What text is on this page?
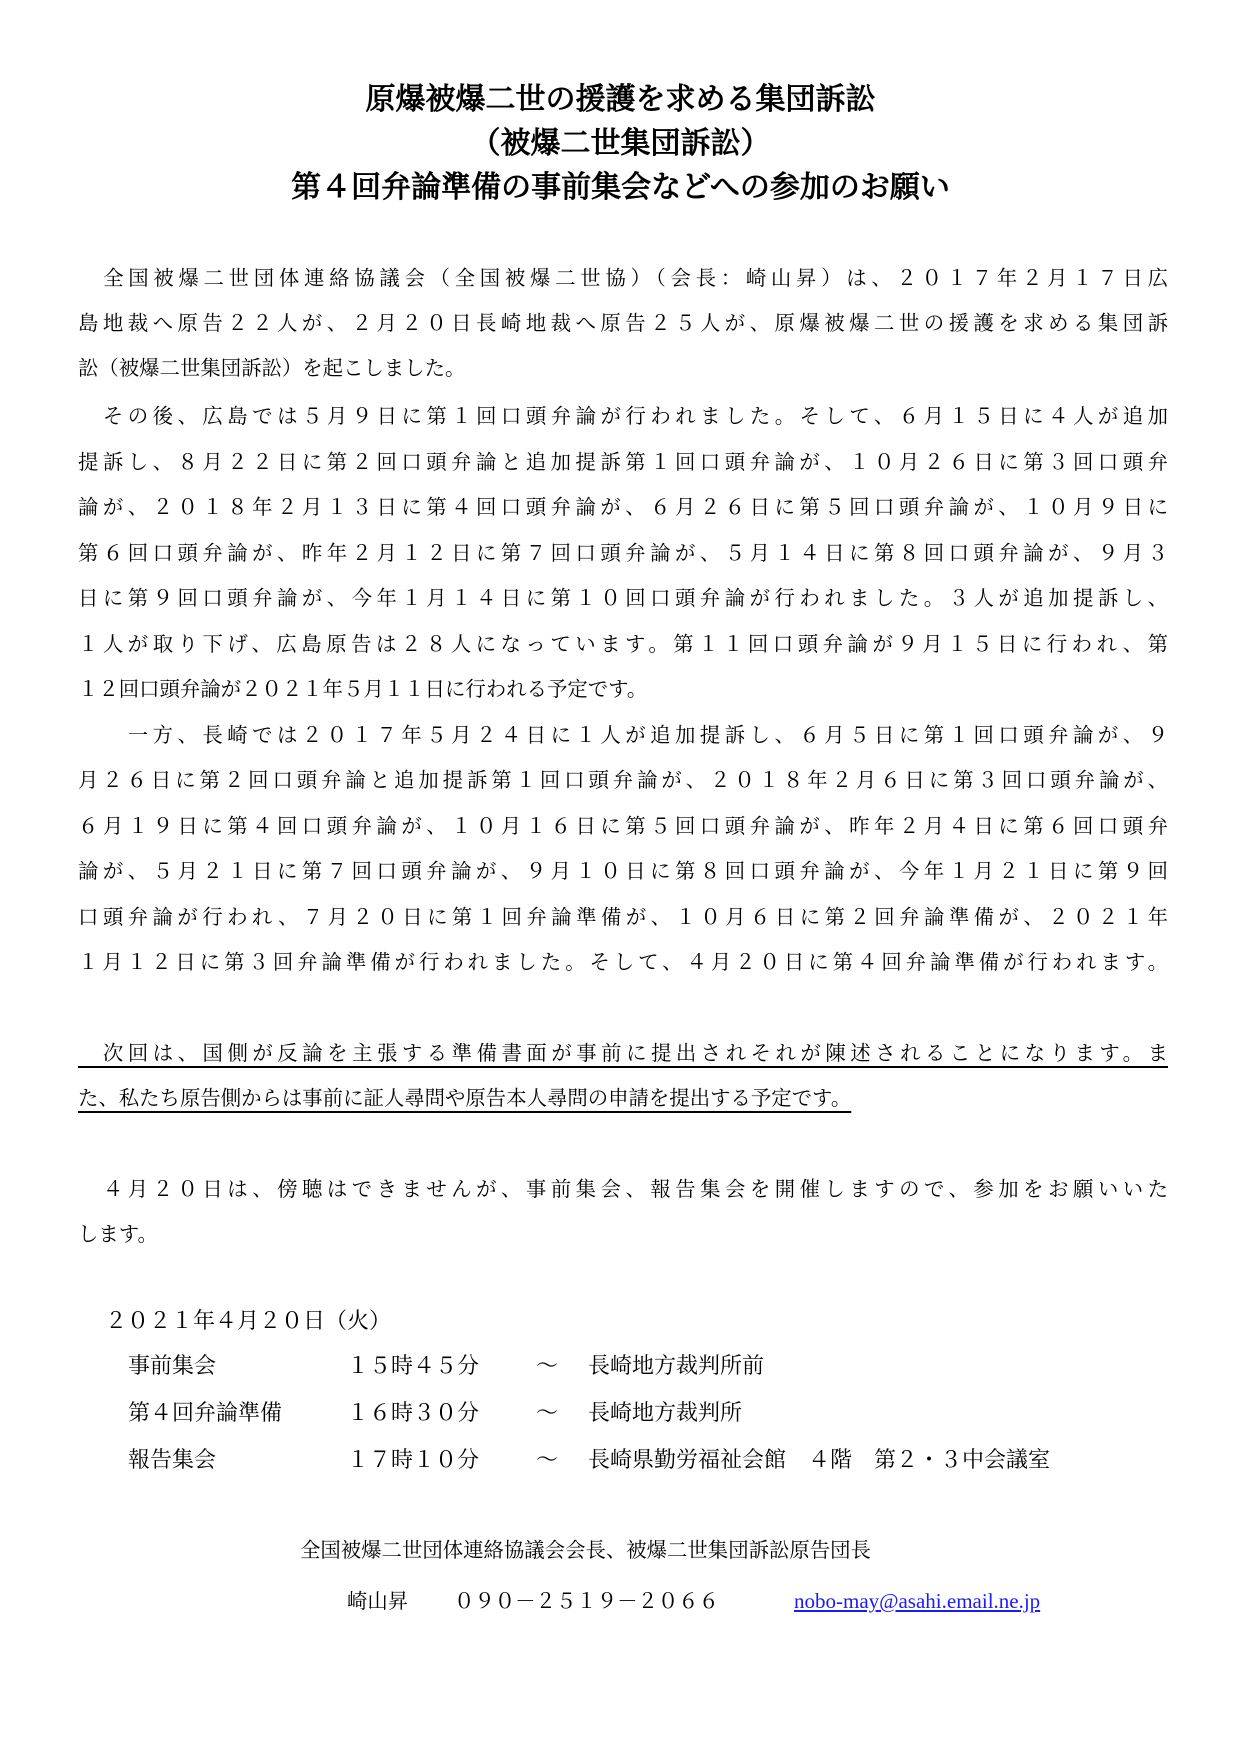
原爆被爆二世の援護を求める集団訴訟
（被爆二世集団訴訟）
第４回弁論準備の事前集会などへの参加のお願い
　全国被爆二世団体連絡協議会（全国被爆二世協）（会長：崎山昇）は、２０１７年２月１７日広
島地裁へ原告２２人が、２月２０日長崎地裁へ原告２５人が、原爆被爆二世の援護を求める集団訴
訟（被爆二世集団訴訟）を起こしました。
　その後、広島では５月９日に第１回口頭弁論が行われました。そして、６月１５日に４人が追加
提訴し、８月２２日に第２回口頭弁論と追加提訴第１回口頭弁論が、１０月２６日に第３回口頭弁
論が、２０１８年２月１３日に第４回口頭弁論が、６月２６日に第５回口頭弁論が、１０月９日に
第６回口頭弁論が、昨年２月１２日に第７回口頭弁論が、５月１４日に第８回口頭弁論が、９月３
日に第９回口頭弁論が、今年１月１４日に第１０回口頭弁論が行われました。３人が追加提訴し、
１人が取り下げ、広島原告は２８人になっています。第１１回口頭弁論が９月１５日に行われ、第
１２回口頭弁論が２０２１年５月１１日に行われる予定です。
　　一方、長崎では２０１７年５月２４日に１人が追加提訴し、６月５日に第１回口頭弁論が、９
月２６日に第２回口頭弁論と追加提訴第１回口頭弁論が、２０１８年２月６日に第３回口頭弁論が、
６月１９日に第４回口頭弁論が、１０月１６日に第５回口頭弁論が、昨年２月４日に第６回口頭弁
論が、５月２１日に第７回口頭弁論が、９月１０日に第８回口頭弁論が、今年１月２１日に第９回
口頭弁論が行われ、７月２０日に第１回弁論準備が、１０月６日に第２回弁論準備が、２０２１年
１月１２日に第３回弁論準備が行われました。そして、４月２０日に第４回弁論準備が行われます。
　次回は、国側が反論を主張する準備書面が事前に提出されそれが陳述されることになります。ま
た、私たち原告側からは事前に証人尋問や原告本人尋問の申請を提出する予定です。
　４月２０日は、傍聴はできませんが、事前集会、報告集会を開催しますので、参加をお願いいた
します。
２０２１年４月２０日（火）
事前集会	１５時４５分	～ 長崎地方裁判所前
第４回弁論準備	１６時３０分	～ 長崎地方裁判所
報告集会	１７時１０分	～ 長崎県勤労福祉会館　４階　第２・３中会議室
全国被爆二世団体連絡協議会会長、被爆二世集団訴訟原告団長
崎山昇 ０９０－２５１９－２０６６	nobo-may@asahi.email.ne.jp
